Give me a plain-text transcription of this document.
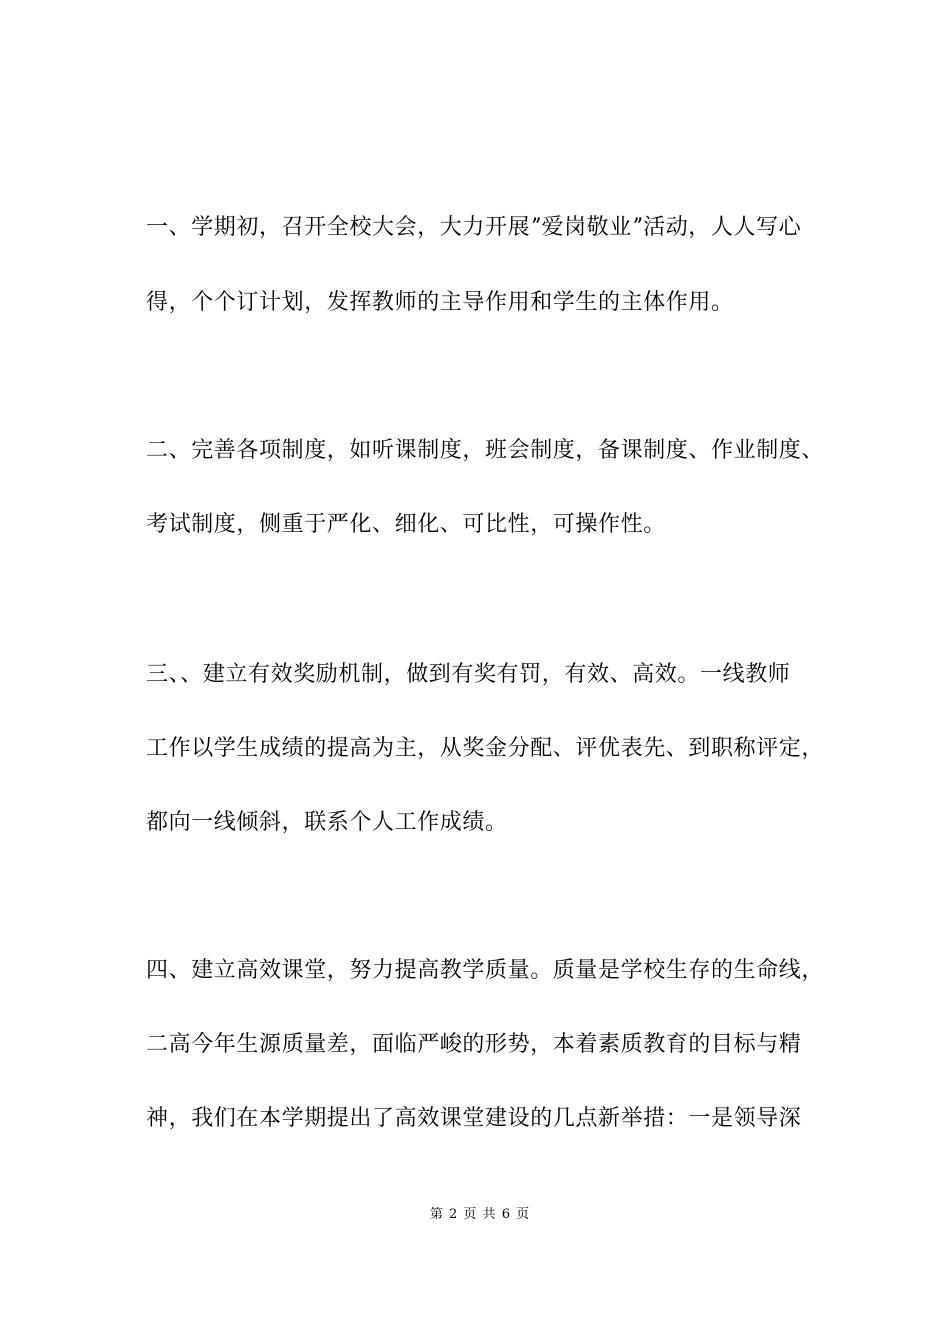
一、学期初，召开全校大会，大力开展ˮ爱岗敬业ˮ活动，人人写心
得，个个订计划，发挥教师的主导作用和学生的主体作用。
二、完善各项制度，如听课制度，班会制度，备课制度、作业制度、
考试制度，侧重于严化、细化、可比性，可操作性。
三、、建立有效奖励机制，做到有奖有罚，有效、高效。一线教师
工作以学生成绩的提高为主，从奖金分配、评优表先、到职称评定，
都向一线倾斜，联系个人工作成绩。
四、建立高效课堂，努力提高教学质量。质量是学校生存的生命线，
二高今年生源质量差，面临严峻的形势，本着素质教育的目标与精
神，我们在本学期提出了高效课堂建设的几点新举措：一是领导深
第 2 页 共 6 页
